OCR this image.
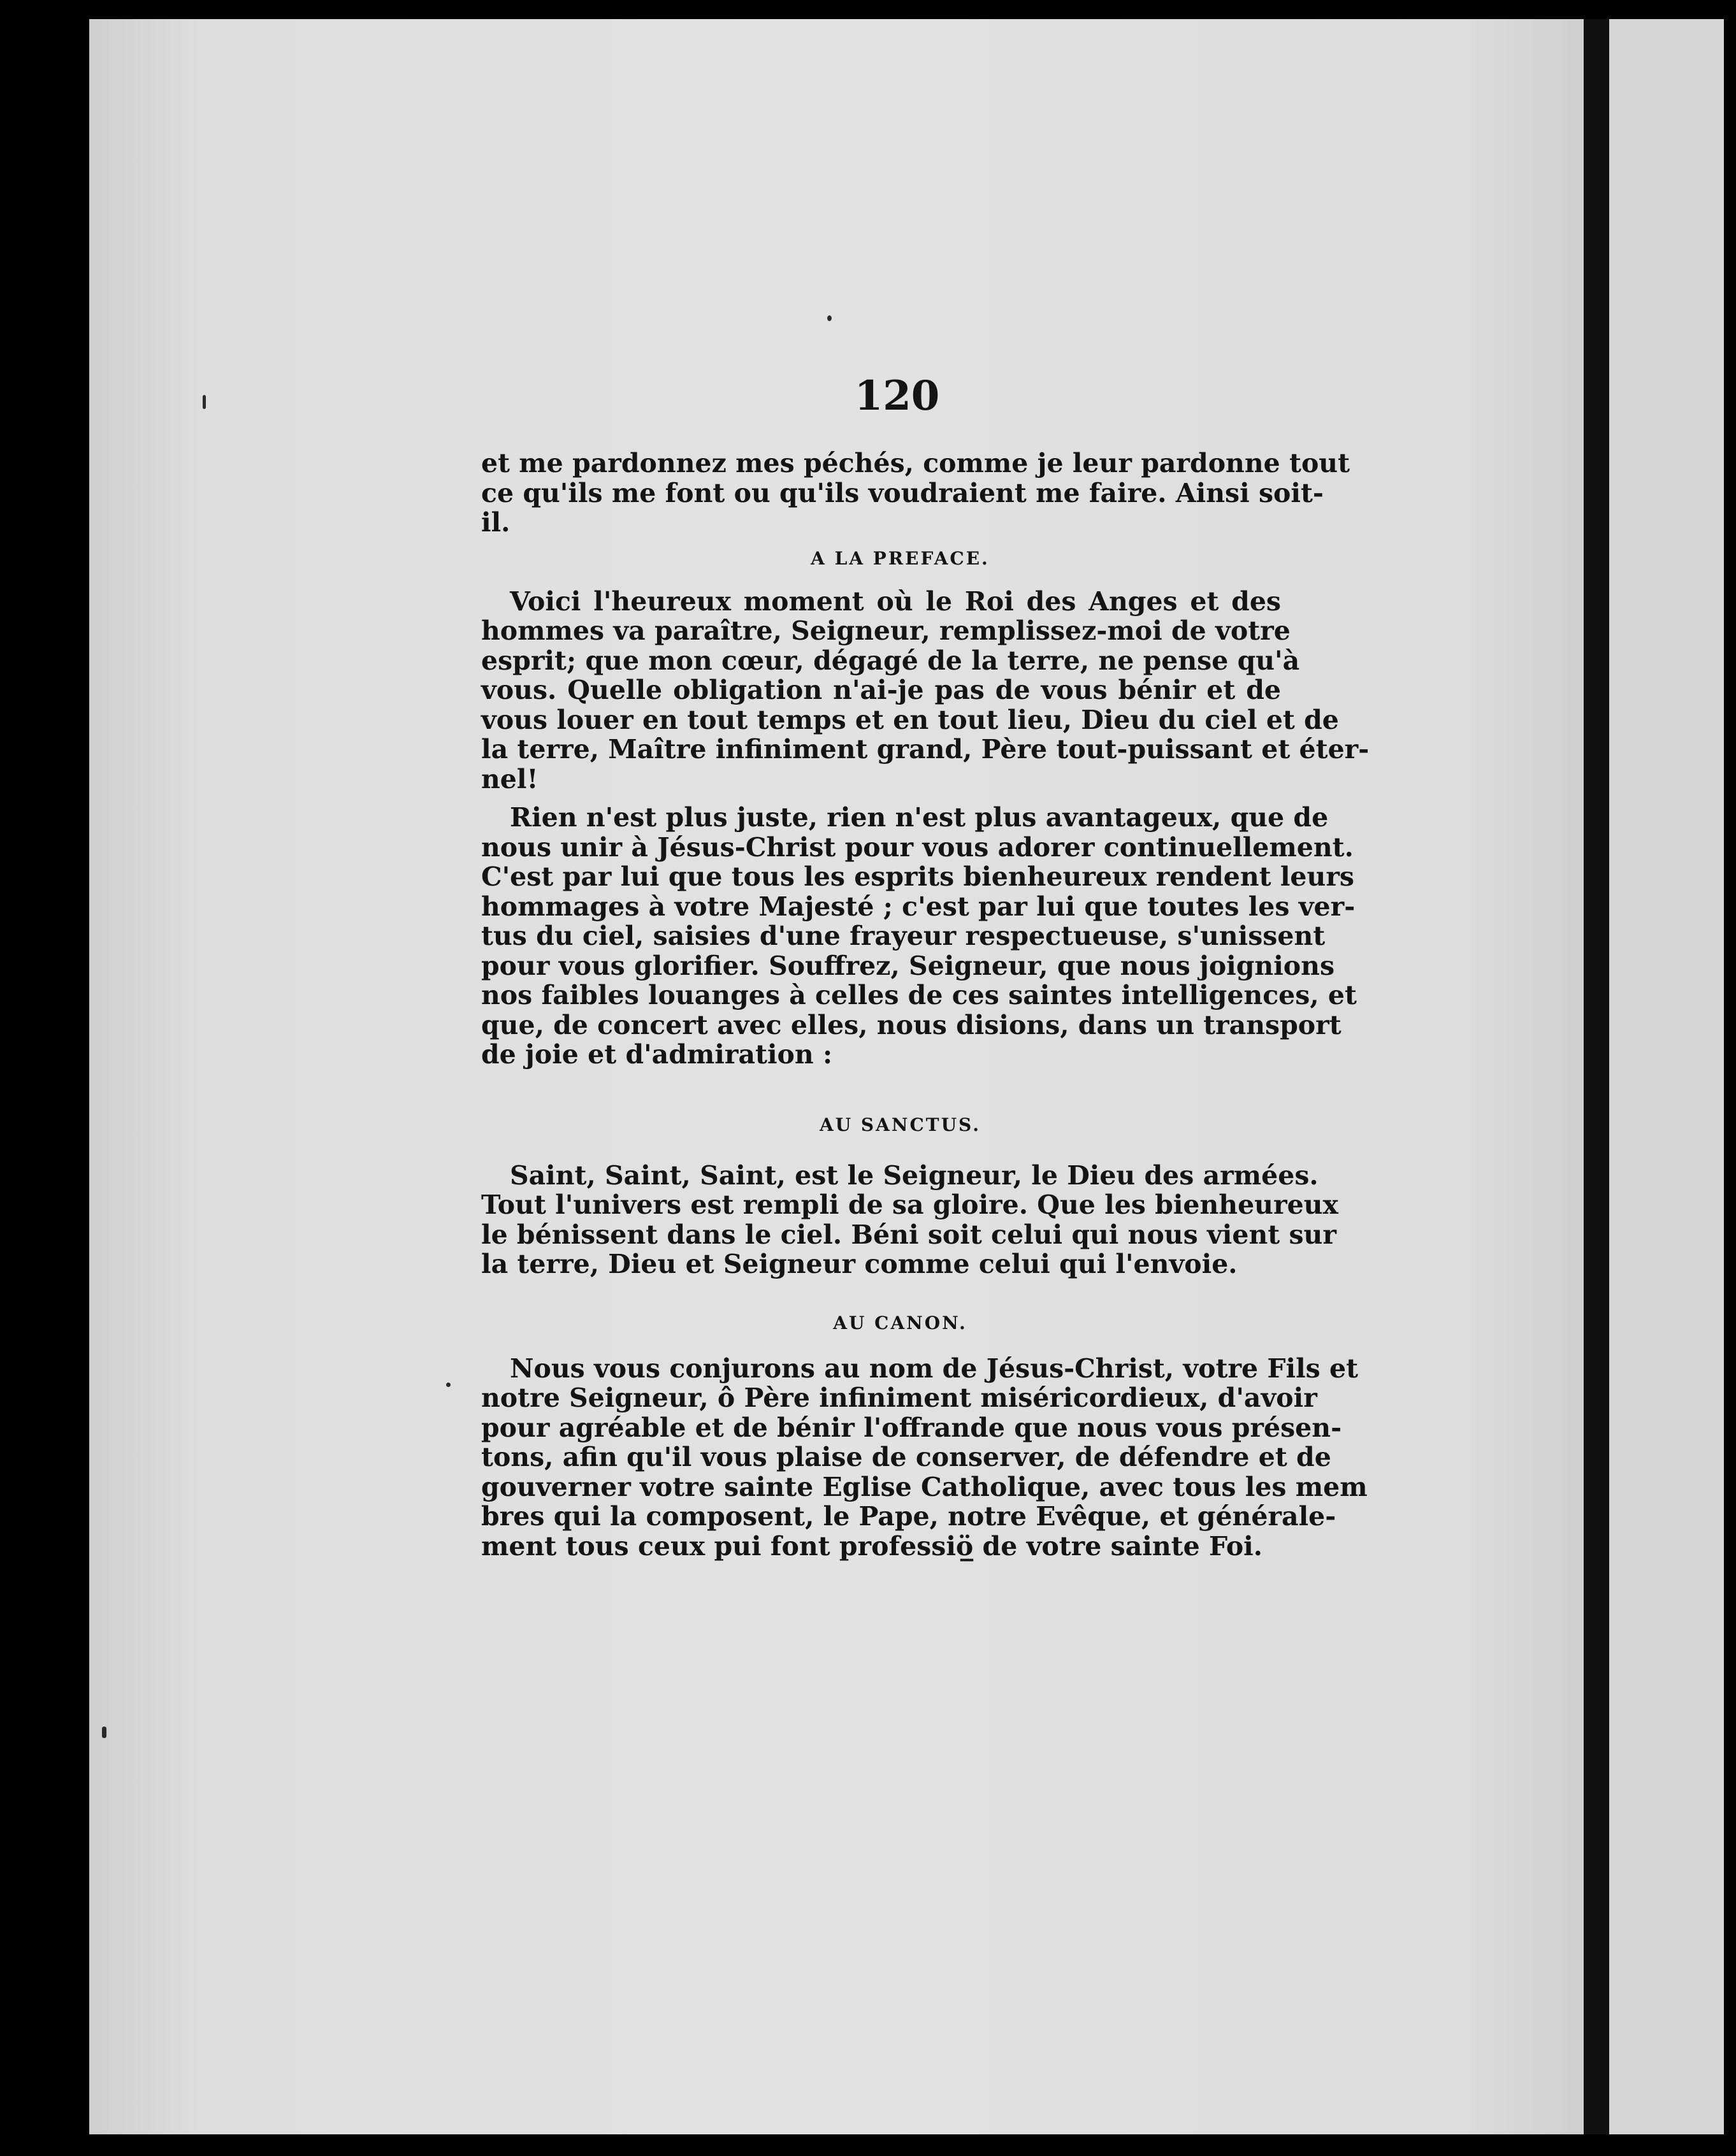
120

et me pardonnez mes péchés, comme je leur pardonne tout
ce qu'ils me font ou qu'ils voudraient me faire. Ainsi soit-
il.

A LA PREFACE.

Voici l'heureux moment où le Roi des Anges et des
hommes va paraître, Seigneur, remplissez-moi de votre
esprit; que mon cœur, dégagé de la terre, ne pense qu'à
vous. Quelle obligation n'ai-je pas de vous bénir et de
vous louer en tout temps et en tout lieu, Dieu du ciel et de
la terre, Maître infiniment grand, Père tout-puissant et éter-
nel!

Rien n'est plus juste, rien n'est plus avantageux, que de
nous unir à Jésus-Christ pour vous adorer continuellement.
C'est par lui que tous les esprits bienheureux rendent leurs
hommages à votre Majesté ; c'est par lui que toutes les ver-
tus du ciel, saisies d'une frayeur respectueuse, s'unissent
pour vous glorifier. Souffrez, Seigneur, que nous joignions
nos faibles louanges à celles de ces saintes intelligences, et
que, de concert avec elles, nous disions, dans un transport
de joie et d'admiration :

AU SANCTUS.

Saint, Saint, Saint, est le Seigneur, le Dieu des armées.
Tout l'univers est rempli de sa gloire. Que les bienheureux
le bénissent dans le ciel. Béni soit celui qui nous vient sur
la terre, Dieu et Seigneur comme celui qui l'envoie.

AU CANON.

Nous vous conjurons au nom de Jésus-Christ, votre Fils et
notre Seigneur, ô Père infiniment miséricordieux, d'avoir
pour agréable et de bénir l'offrande que nous vous présen-
tons, afin qu'il vous plaise de conserver, de défendre et de
gouverner votre sainte Eglise Catholique, avec tous les mem
bres qui la composent, le Pape, notre Evêque, et générale-
ment tous ceux pui font professiö̲ de votre sainte Foi.
